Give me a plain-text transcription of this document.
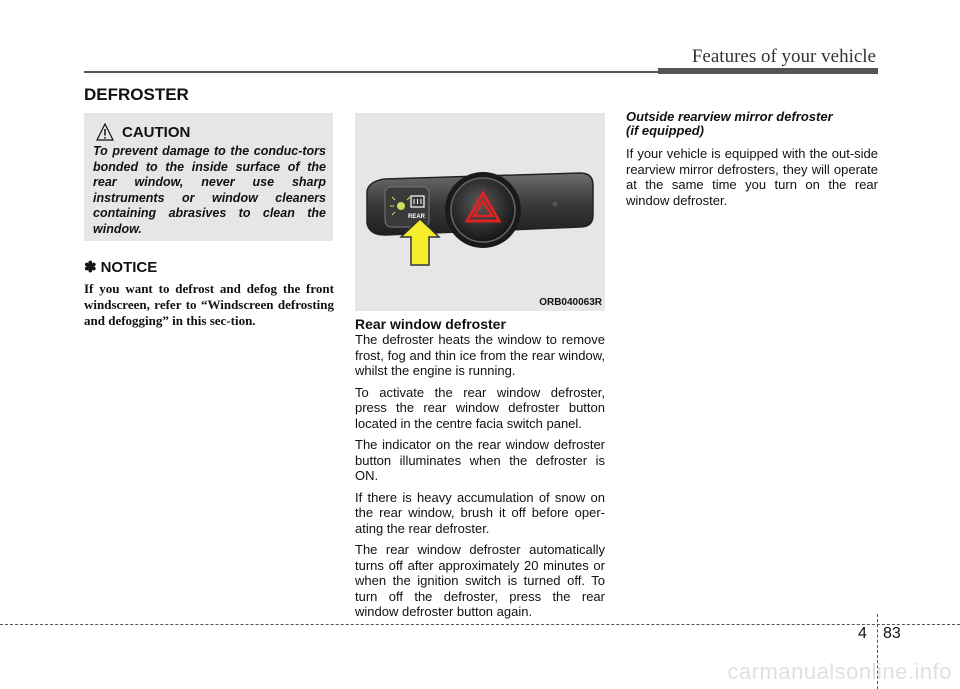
Features of your vehicle
DEFROSTER
CAUTION
To prevent damage to the conduc-tors bonded to the inside surface of the rear window, never use sharp instruments or window cleaners containing abrasives to clean the window.
✽ NOTICE
If you want to defrost and defog the front windscreen, refer to “Windscreen defrosting and defogging” in this sec-tion.
REAR
ORB040063R

Rear window defroster

The defroster heats the window to remove frost, fog and thin ice from the rear window, whilst the engine is running.

To activate the rear window defroster, press the rear window defroster button located in the centre facia switch panel.

The indicator on the rear window defroster button illuminates when the defroster is ON.

If there is heavy accumulation of snow on the rear window, brush it off before oper-ating the rear defroster.

The rear window defroster automatically turns off after approximately 20 minutes or when the ignition switch is turned off. To turn off the defroster, press the rear window defroster button again.

Outside rearview mirror defroster

(if equipped)

If your vehicle is equipped with the out-side rearview mirror defrosters, they will operate at the same time you turn on the rear window defroster.

4 83
carmanualsonline.info
